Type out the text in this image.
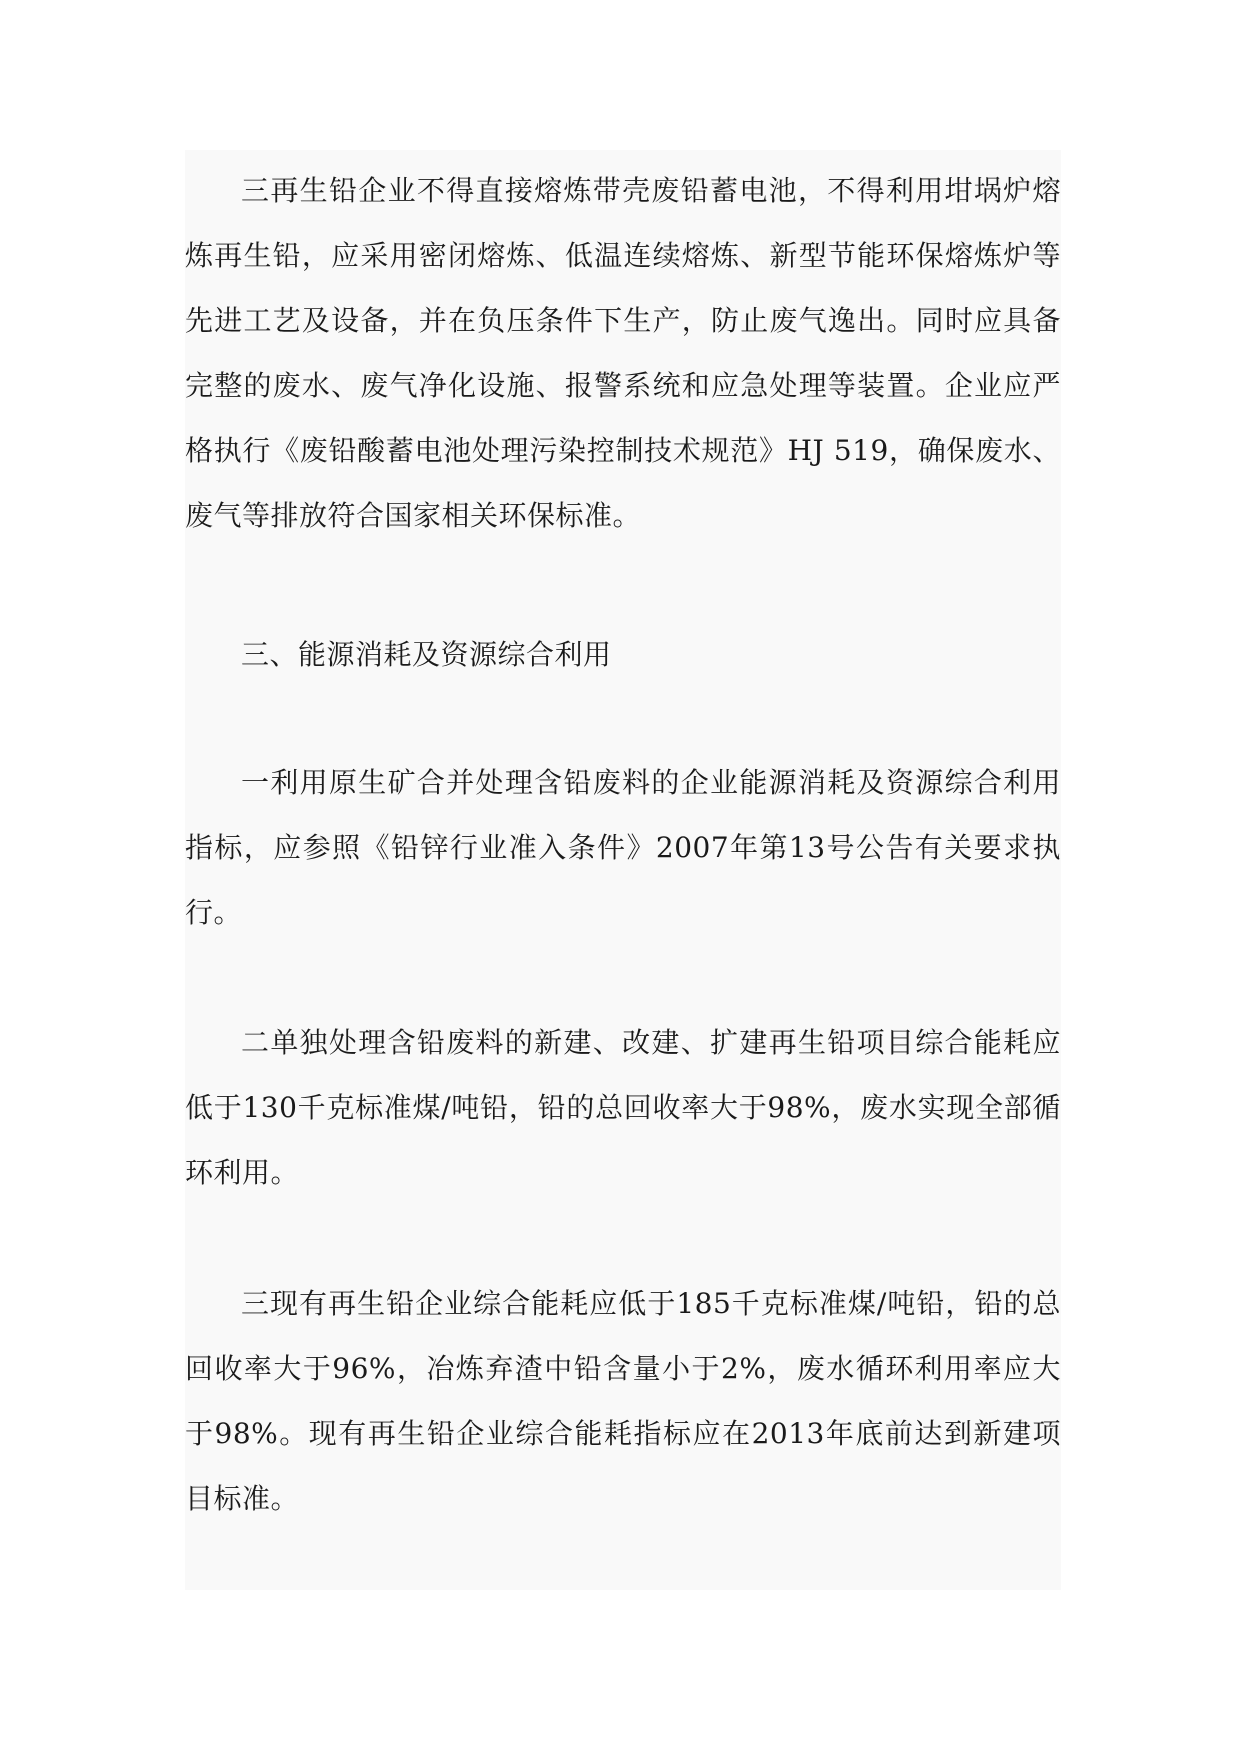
三再生铅企业不得直接熔炼带壳废铅蓄电池，不得利用坩埚炉熔炼再生铅，应采用密闭熔炼、低温连续熔炼、新型节能环保熔炼炉等先进工艺及设备，并在负压条件下生产，防止废气逸出。同时应具备完整的废水、废气净化设施、报警系统和应急处理等装置。企业应严格执行《废铅酸蓄电池处理污染控制技术规范》HJ 519，确保废水、废气等排放符合国家相关环保标准。

三、能源消耗及资源综合利用

一利用原生矿合并处理含铅废料的企业能源消耗及资源综合利用指标，应参照《铅锌行业准入条件》2007年第13号公告有关要求执行。

二单独处理含铅废料的新建、改建、扩建再生铅项目综合能耗应低于130千克标准煤/吨铅，铅的总回收率大于98%，废水实现全部循环利用。

三现有再生铅企业综合能耗应低于185千克标准煤/吨铅，铅的总回收率大于96%，冶炼弃渣中铅含量小于2%，废水循环利用率应大于98%。现有再生铅企业综合能耗指标应在2013年底前达到新建项目标准。
